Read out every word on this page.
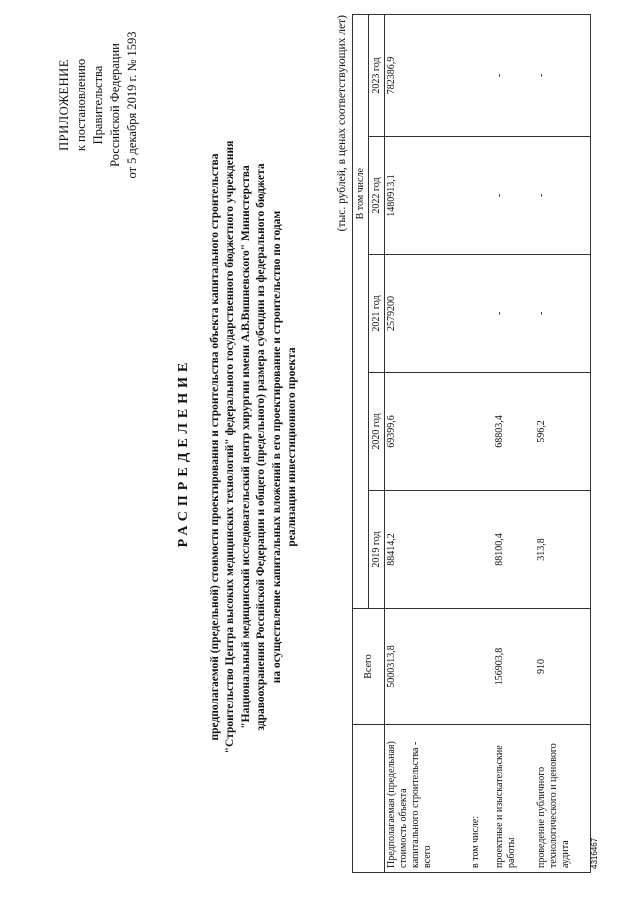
ПРИЛОЖЕНИЕ к постановлению Правительства Российской Федерации от 5 декабря 2019 г. № 1593
РАСПРЕДЕЛЕНИЕ предполагаемой (предельной) стоимости проектирования и строительства объекта капитального строительства "Строительство Центра высоких медицинских технологий" федерального государственного бюджетного учреждения "Национальный медицинский исследовательский центр хирургии имени А.В.Вишневского" Министерства здравоохранения Российской Федерации и общего (предельного) размера субсидии из федерального бюджета на осуществление капитальных вложений в его проектирование и строительство по годам реализации инвестиционного проекта
(тыс. рублей, в ценах соответствующих лет)
	Всего			В том числе		
		2019 год	2020 год	2021 год	2022 год	2023 год
Предполагаемая (предельная) стоимость объекта капитального строительства - всего	5000313,8	88414,2	69399,6	2579200	1480913,1	782386,9
в том числе:						
проектные и изыскательские работы	156903,8	88100,4	68803,4	-	-	-
проведение публичного технологического и ценового аудита	910	313,8	596,2	-	-	-
4316467
